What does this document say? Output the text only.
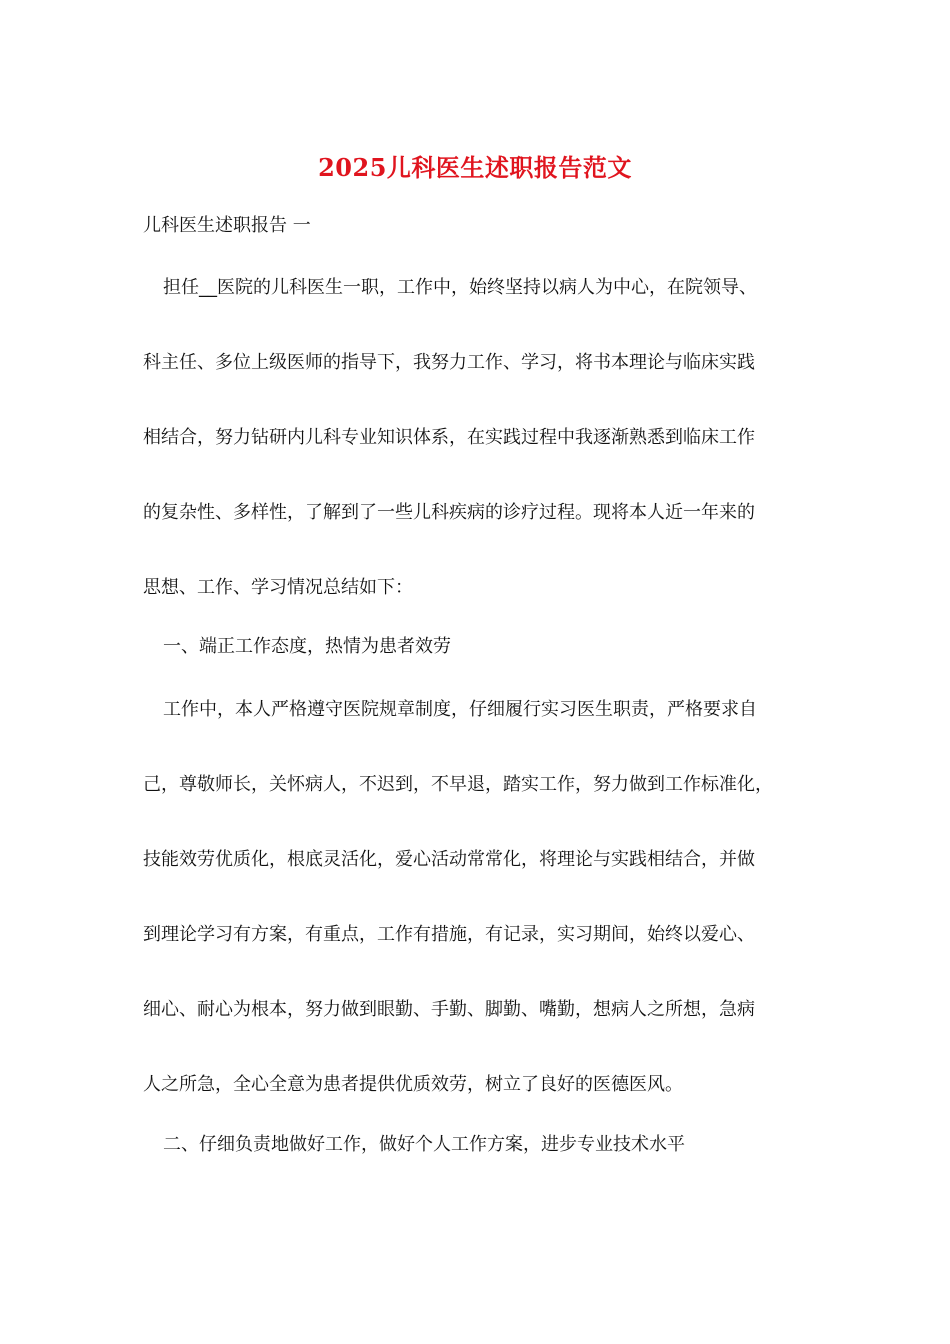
2025儿科医生述职报告范文
儿科医生述职报告 一
担任__医院的儿科医生一职，工作中，始终坚持以病人为中心，在院领导、
科主任、多位上级医师的指导下，我努力工作、学习，将书本理论与临床实践
相结合，努力钻研内儿科专业知识体系，在实践过程中我逐渐熟悉到临床工作
的复杂性、多样性，了解到了一些儿科疾病的诊疗过程。现将本人近一年来的
思想、工作、学习情况总结如下：
一、端正工作态度，热情为患者效劳
工作中，本人严格遵守医院规章制度，仔细履行实习医生职责，严格要求自
己，尊敬师长，关怀病人，不迟到，不早退，踏实工作，努力做到工作标准化，
技能效劳优质化，根底灵活化，爱心活动常常化，将理论与实践相结合，并做
到理论学习有方案，有重点，工作有措施，有记录，实习期间，始终以爱心、
细心、耐心为根本，努力做到眼勤、手勤、脚勤、嘴勤，想病人之所想，急病
人之所急，全心全意为患者提供优质效劳，树立了良好的医德医风。
二、仔细负责地做好工作，做好个人工作方案，进步专业技术水平
